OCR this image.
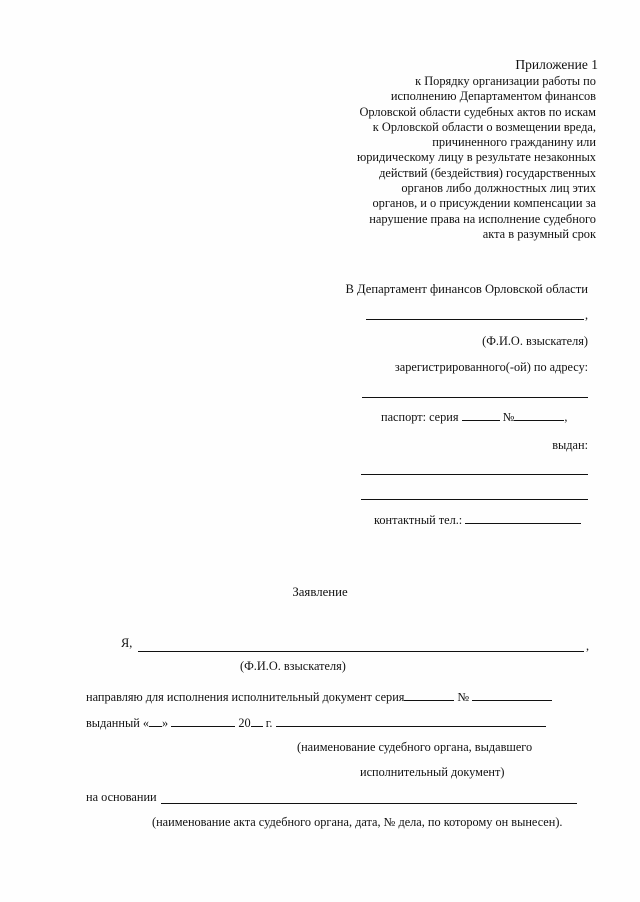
Приложение 1
к Порядку организации работы по исполнению Департаментом финансов Орловской области судебных актов по искам к Орловской области о возмещении вреда, причиненного гражданину или юридическому лицу в результате незаконных действий (бездействия) государственных органов либо должностных лиц этих органов, и о присуждении компенсации за нарушение права на исполнение судебного акта в разумный срок
В Департамент финансов Орловской области
,
(Ф.И.О. взыскателя)
зарегистрированного(-ой) по адресу:
паспорт: серия	№	,
выдан:
контактный тел.:
Заявление
Я,	,
(Ф.И.О. взыскателя)
направляю для исполнения исполнительный документ серия	№
выданный « »	20 г.
(наименование судебного органа, выдавшего
исполнительный документ)
на основании
(наименование акта судебного органа, дата, № дела, по которому он вынесен).
